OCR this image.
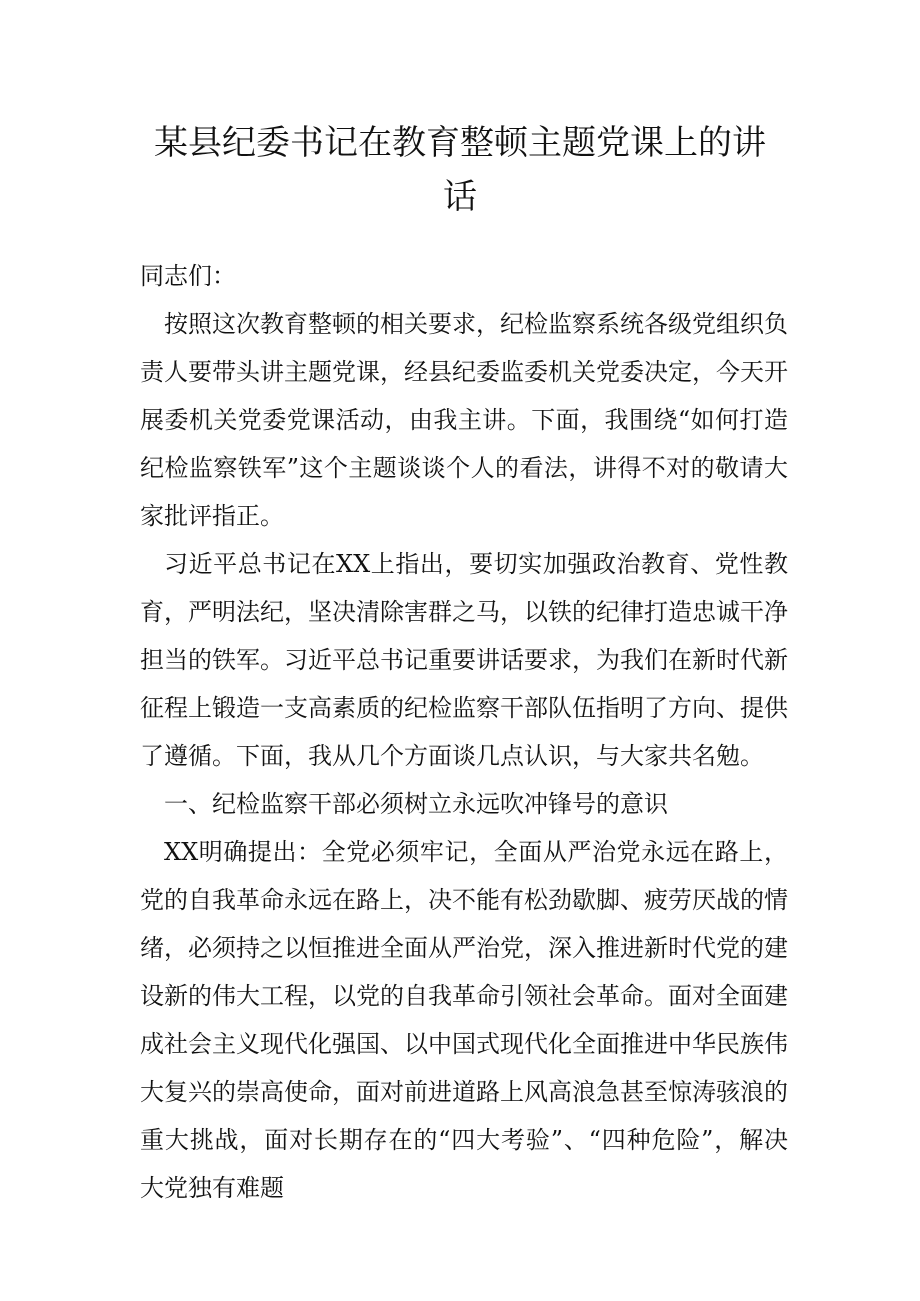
某县纪委书记在教育整顿主题党课上的讲
话

同志们：

按照这次教育整顿的相关要求，纪检监察系统各级党组织负责人要带头讲主题党课，经县纪委监委机关党委决定，今天开展委机关党委党课活动，由我主讲。下面，我围绕“如何打造纪检监察铁军”这个主题谈谈个人的看法，讲得不对的敬请大家批评指正。

习近平总书记在XX上指出，要切实加强政治教育、党性教育，严明法纪，坚决清除害群之马，以铁的纪律打造忠诚干净担当的铁军。习近平总书记重要讲话要求，为我们在新时代新征程上锻造一支高素质的纪检监察干部队伍指明了方向、提供了遵循。下面，我从几个方面谈几点认识，与大家共名勉。

一、纪检监察干部必须树立永远吹冲锋号的意识

XX明确提出：全党必须牢记，全面从严治党永远在路上，党的自我革命永远在路上，决不能有松劲歇脚、疲劳厌战的情绪，必须持之以恒推进全面从严治党，深入推进新时代党的建设新的伟大工程，以党的自我革命引领社会革命。面对全面建成社会主义现代化强国、以中国式现代化全面推进中华民族伟大复兴的崇高使命，面对前进道路上风高浪急甚至惊涛骇浪的重大挑战，面对长期存在的“四大考验”、“四种危险”，解决大党独有难题
